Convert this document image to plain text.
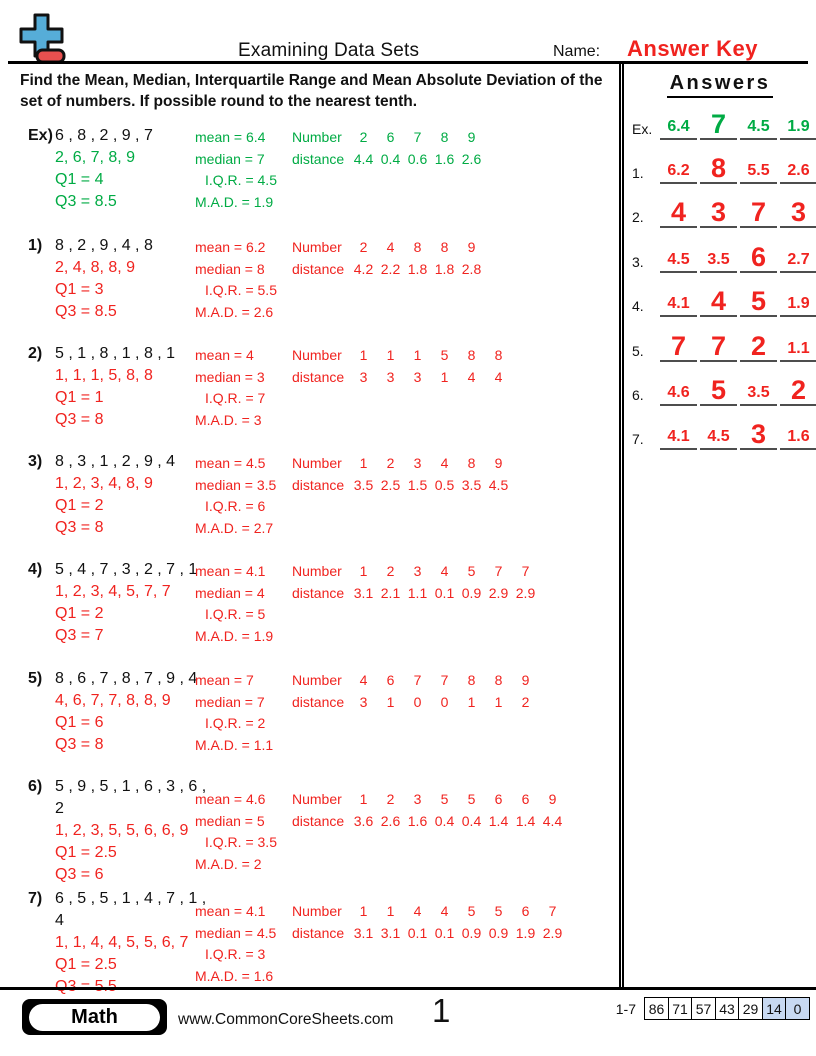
Examining Data Sets	Name: Answer Key
Find the Mean, Median, Interquartile Range and Mean Absolute Deviation of the set of numbers. If possible round to the nearest tenth.
Ex) 6 , 8 , 2 , 9 , 7
2, 6, 7, 8, 9
Q1 = 4
Q3 = 8.5
mean = 6.4	Number	2	6	7	8	9
median = 7	distance 4.4 0.4 0.6 1.6 2.6
I.Q.R. = 4.5
M.A.D. = 1.9
1) 8 , 2 , 9 , 4 , 8
2, 4, 8, 8, 9
Q1 = 3
Q3 = 8.5
mean = 6.2	Number	2	4	8	8	9
median = 8	distance 4.2 2.2 1.8 1.8 2.8
I.Q.R. = 5.5
M.A.D. = 2.6
2) 5 , 1 , 8 , 1 , 8 , 1
1, 1, 1, 5, 8, 8
Q1 = 1
Q3 = 8
mean = 4	Number	1	1	1	5	8	8
median = 3	distance	3	3	3	1	4	4
I.Q.R. = 7
M.A.D. = 3
3) 8 , 3 , 1 , 2 , 9 , 4
1, 2, 3, 4, 8, 9
Q1 = 2
Q3 = 8
mean = 4.5	Number	1	2	3	4	8	9
median = 3.5	distance 3.5 2.5 1.5 0.5 3.5 4.5
I.Q.R. = 6
M.A.D. = 2.7
4) 5 , 4 , 7 , 3 , 2 , 7 , 1
1, 2, 3, 4, 5, 7, 7
Q1 = 2
Q3 = 7
mean = 4.1	Number	1	2	3	4	5	7	7
median = 4	distance 3.1 2.1 1.1 0.1 0.9 2.9 2.9
I.Q.R. = 5
M.A.D. = 1.9
5) 8 , 6 , 7 , 8 , 7 , 9 , 4
4, 6, 7, 7, 8, 8, 9
Q1 = 6
Q3 = 8
mean = 7	Number	4	6	7	7	8	8	9
median = 7	distance	3	1	0	0	1	1	2
I.Q.R. = 2
M.A.D. = 1.1
6) 5 , 9 , 5 , 1 , 6 , 3 , 6 ,
2
1, 2, 3, 5, 5, 6, 6, 9
Q1 = 2.5
Q3 = 6
mean = 4.6	Number	1	2	3	5	5	6	6	9
median = 5	distance 3.6 2.6 1.6 0.4 0.4 1.4 1.4 4.4
I.Q.R. = 3.5
M.A.D. = 2
7) 6 , 5 , 5 , 1 , 4 , 7 , 1 ,
4
1, 1, 4, 4, 5, 5, 6, 7
Q1 = 2.5
Q3 = 5.5
mean = 4.1	Number	1	1	4	4	5	5	6	7
median = 4.5	distance 3.1 3.1 0.1 0.1 0.9 0.9 1.9 2.9
I.Q.R. = 3
M.A.D. = 1.6
Answers
Ex. 6.4 7 4.5 1.9
1.	6.2 8 5.5 2.6
2.	4 3 7 3
3.	4.5 3.5 6 2.7
4.	4.1 4 5 1.9
5.	7 7 2 1.1
6.	4.6 5 3.5 2
7.	4.1 4.5 3 1.6
Math	www.CommonCoreSheets.com 1	1-7 86 71 57 43 29 14 0
